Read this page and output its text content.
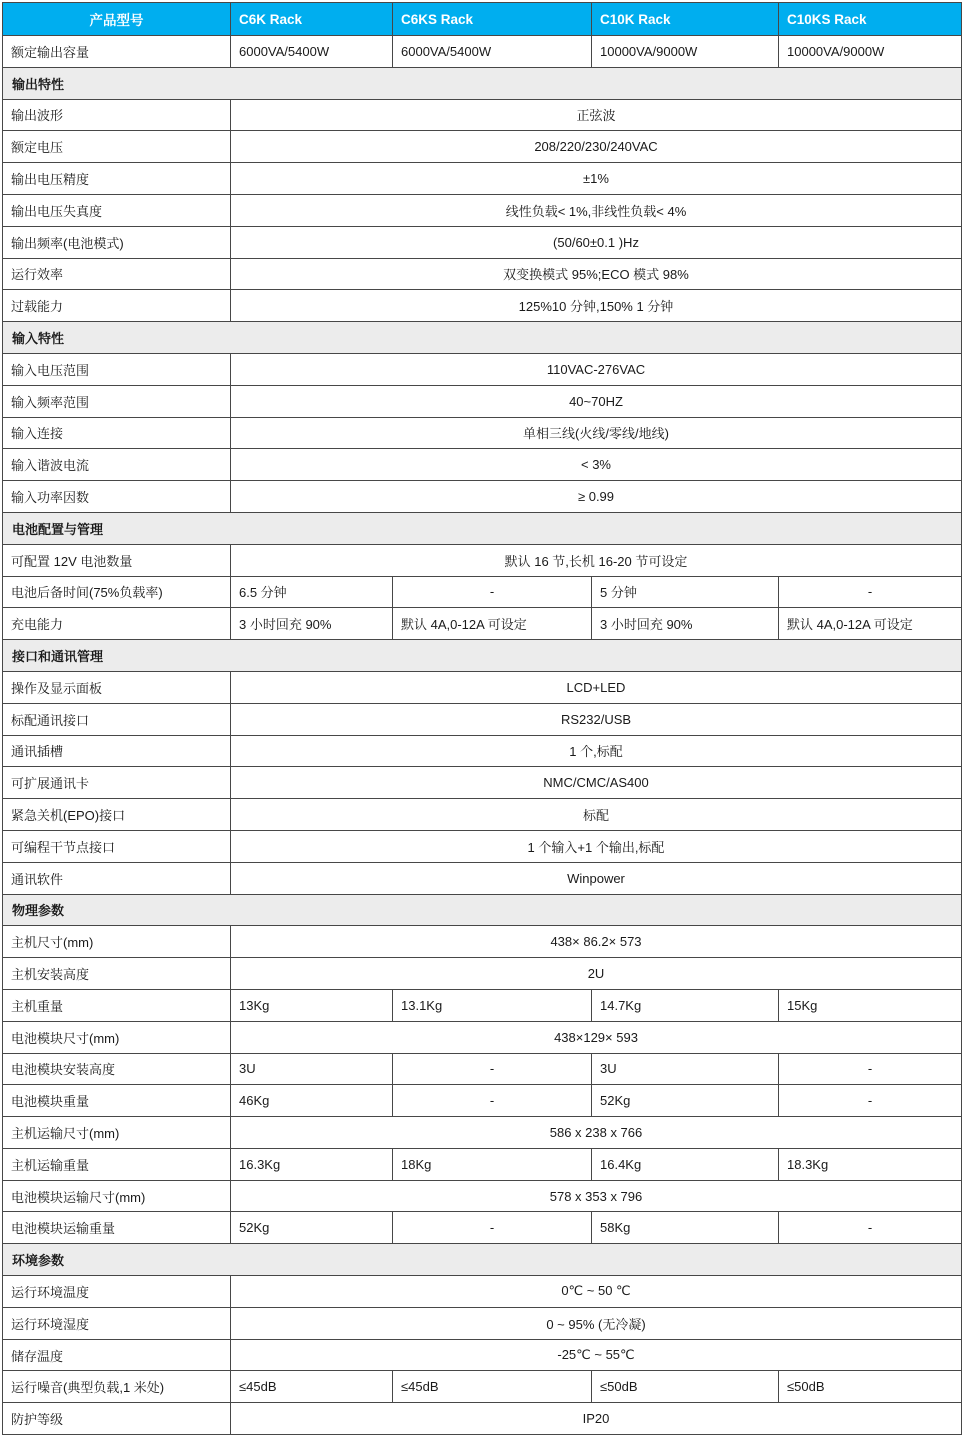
产品型号	C6K Rack	C6KS Rack	C10K Rack	C10KS Rack
额定输出容量	6000VA/5400W	6000VA/5400W	10000VA/9000W	10000VA/9000W
输出特性				
输出波形	正弦波			
额定电压	208/220/230/240VAC			
输出电压精度	±1%			
输出电压失真度	线性负载< 1%,非线性负载< 4%			
输出频率(电池模式)	(50/60±0.1 )Hz			
运行效率	双变换模式 95%;ECO 模式 98%			
过载能力	125%10 分钟,150% 1 分钟			
输入特性				
输入电压范围	110VAC-276VAC			
输入频率范围	40~70HZ			
输入连接	单相三线(火线/零线/地线)			
输入谐波电流	< 3%			
输入功率因数	≥ 0.99			
电池配置与管理				
可配置 12V 电池数量	默认 16 节,长机 16-20 节可设定			
电池后备时间(75%负载率)	6.5 分钟	-	5 分钟	-
充电能力	3 小时回充 90%	默认 4A,0-12A 可设定	3 小时回充 90%	默认 4A,0-12A 可设定
接口和通讯管理				
操作及显示面板	LCD+LED			
标配通讯接口	RS232/USB			
通讯插槽	1 个,标配			
可扩展通讯卡	NMC/CMC/AS400			
紧急关机(EPO)接口	标配			
可编程干节点接口	1 个输入+1 个输出,标配			
通讯软件	Winpower			
物理参数				
主机尺寸(mm)	438× 86.2× 573			
主机安装高度	2U			
主机重量	13Kg	13.1Kg	14.7Kg	15Kg
电池模块尺寸(mm)	438×129× 593			
电池模块安装高度	3U	-	3U	-
电池模块重量	46Kg	-	52Kg	-
主机运输尺寸(mm)	586 x 238 x 766			
主机运输重量	16.3Kg	18Kg	16.4Kg	18.3Kg
电池模块运输尺寸(mm)	578 x 353 x 796			
电池模块运输重量	52Kg	-	58Kg	-
环境参数				
运行环境温度	0℃ ~ 50 ℃			
运行环境湿度	0 ~ 95% (无冷凝)			
储存温度	-25℃ ~ 55℃			
运行噪音(典型负载,1 米处)	≤45dB	≤45dB	≤50dB	≤50dB
防护等级	IP20			
